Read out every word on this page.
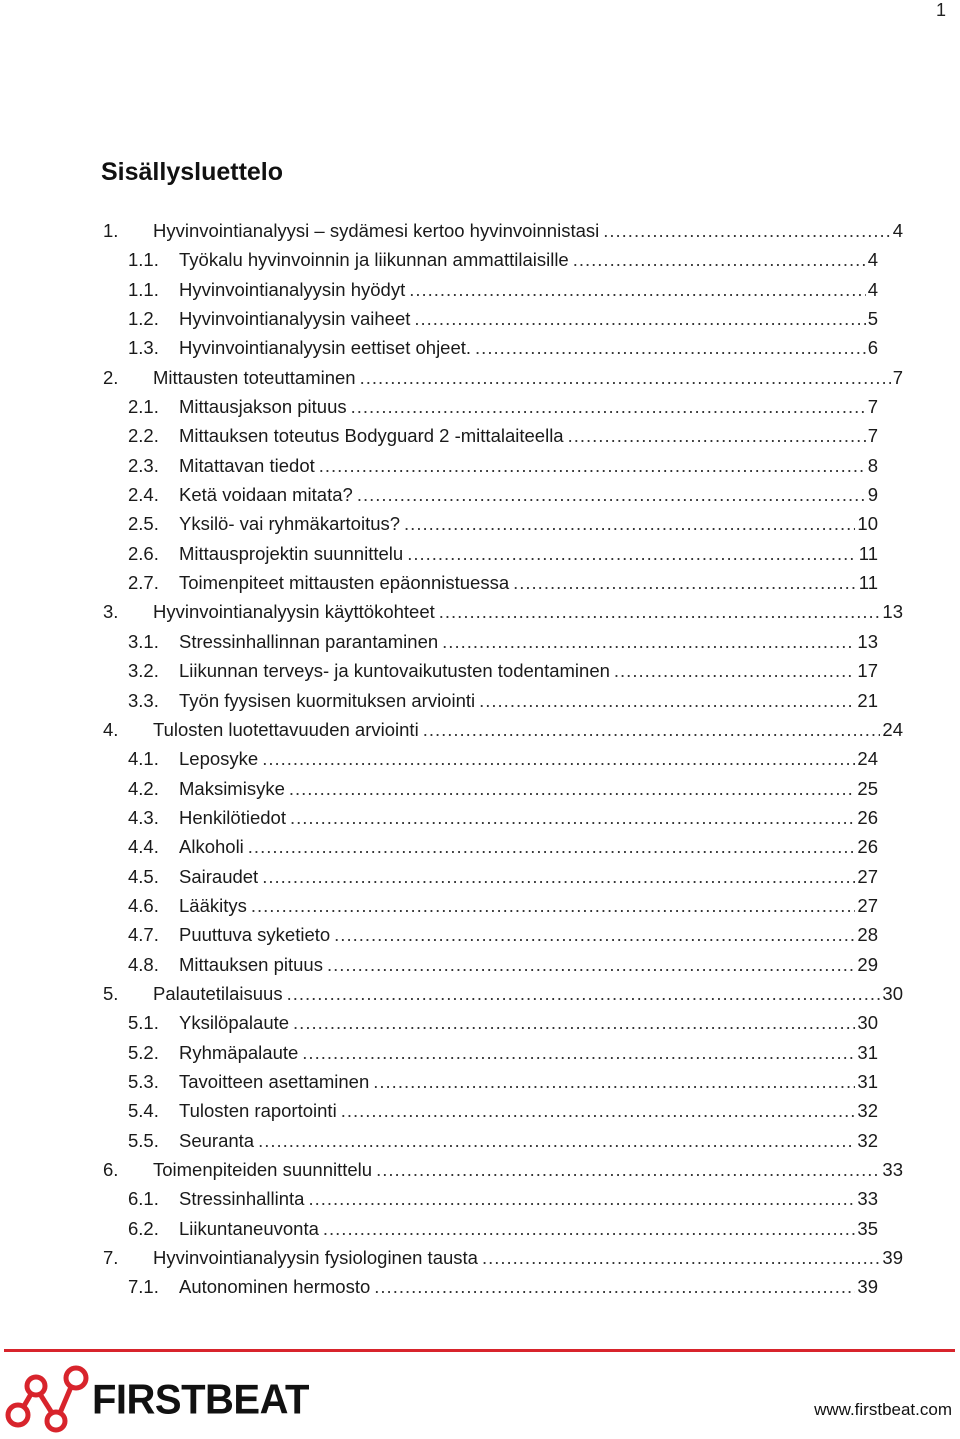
1
Sisällysluettelo
1.	Hyvinvointianalyysi – sydämesi kertoo hyvinvoinnistasi .....	4
1.1.	Työkalu hyvinvoinnin ja liikunnan ammattilaisille .....	4
1.1.	Hyvinvointianalyysin hyödyt .....	4
1.2.	Hyvinvointianalyysin vaiheet .....	5
1.3.	Hyvinvointianalyysin eettiset ohjeet. .....	6
2.	Mittausten toteuttaminen .....	7
2.1.	Mittausjakson pituus .....	7
2.2.	Mittauksen toteutus Bodyguard 2 -mittalaiteella .....	7
2.3.	Mitattavan tiedot .....	8
2.4.	Ketä voidaan mitata? .....	9
2.5.	Yksilö- vai ryhmäkartoitus? .....	10
2.6.	Mittausprojektin suunnittelu .....	11
2.7.	Toimenpiteet mittausten epäonnistuessa .....	11
3.	Hyvinvointianalyysin käyttökohteet .....	13
3.1.	Stressinhallinnan parantaminen .....	13
3.2.	Liikunnan terveys- ja kuntovaikutusten todentaminen .....	17
3.3.	Työn fyysisen kuormituksen arviointi .....	21
4.	Tulosten luotettavuuden arviointi .....	24
4.1.	Leposyke .....	24
4.2.	Maksimisyke .....	25
4.3.	Henkilötiedot .....	26
4.4.	Alkoholi .....	26
4.5.	Sairaudet .....	27
4.6.	Lääkitys .....	27
4.7.	Puuttuva syketieto .....	28
4.8.	Mittauksen pituus .....	29
5.	Palautetilaisuus .....	30
5.1.	Yksilöpalaute .....	30
5.2.	Ryhmäpalaute .....	31
5.3.	Tavoitteen asettaminen .....	31
5.4.	Tulosten raportointi .....	32
5.5.	Seuranta .....	32
6.	Toimenpiteiden suunnittelu .....	33
6.1.	Stressinhallinta .....	33
6.2.	Liikuntaneuvonta .....	35
7.	Hyvinvointianalyysin fysiologinen tausta .....	39
7.1.	Autonominen hermosto .....	39
FIRSTBEAT	www.firstbeat.com
